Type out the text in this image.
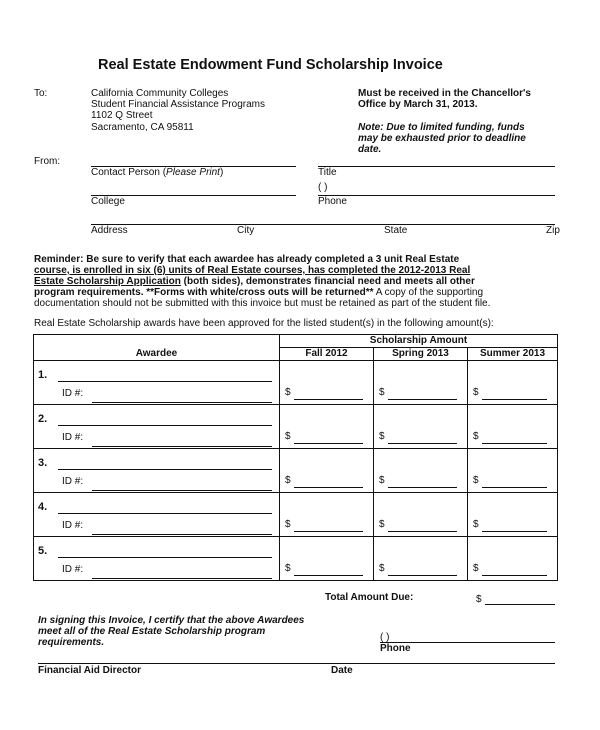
Real Estate Endowment Fund Scholarship Invoice
To:	California Community Colleges
Student Financial Assistance Programs
1102 Q Street
Sacramento, CA 95811
Must be received in the Chancellor's
Office by March 31, 2013.
Note: Due to limited funding, funds
may be exhausted prior to deadline
date.
From:
Contact Person (Please Print)	Title
( )
College	Phone
Address	City	State	Zip
Reminder: Be sure to verify that each awardee has already completed a 3 unit Real Estate
course, is enrolled in six (6) units of Real Estate courses, has completed the 2012-2013 Real
Estate Scholarship Application (both sides), demonstrates financial need and meets all other
program requirements. **Forms with white/cross outs will be returned** A copy of the supporting
documentation should not be submitted with this invoice but must be retained as part of the student file.
Real Estate Scholarship awards have been approved for the listed student(s) in the following amount(s):
Awardee	Scholarship Amount		
	Fall 2012	Spring 2013	Summer 2013

1.
ID #:	$	$	$

2.
ID #:	$	$	$

3.
ID #:	$	$	$

4.
ID #:	$	$	$

5.
ID #:	$	$	$
Total Amount Due:	$
In signing this Invoice, I certify that the above Awardees
meet all of the Real Estate Scholarship program
requirements.	( )
Phone
Financial Aid Director	Date
